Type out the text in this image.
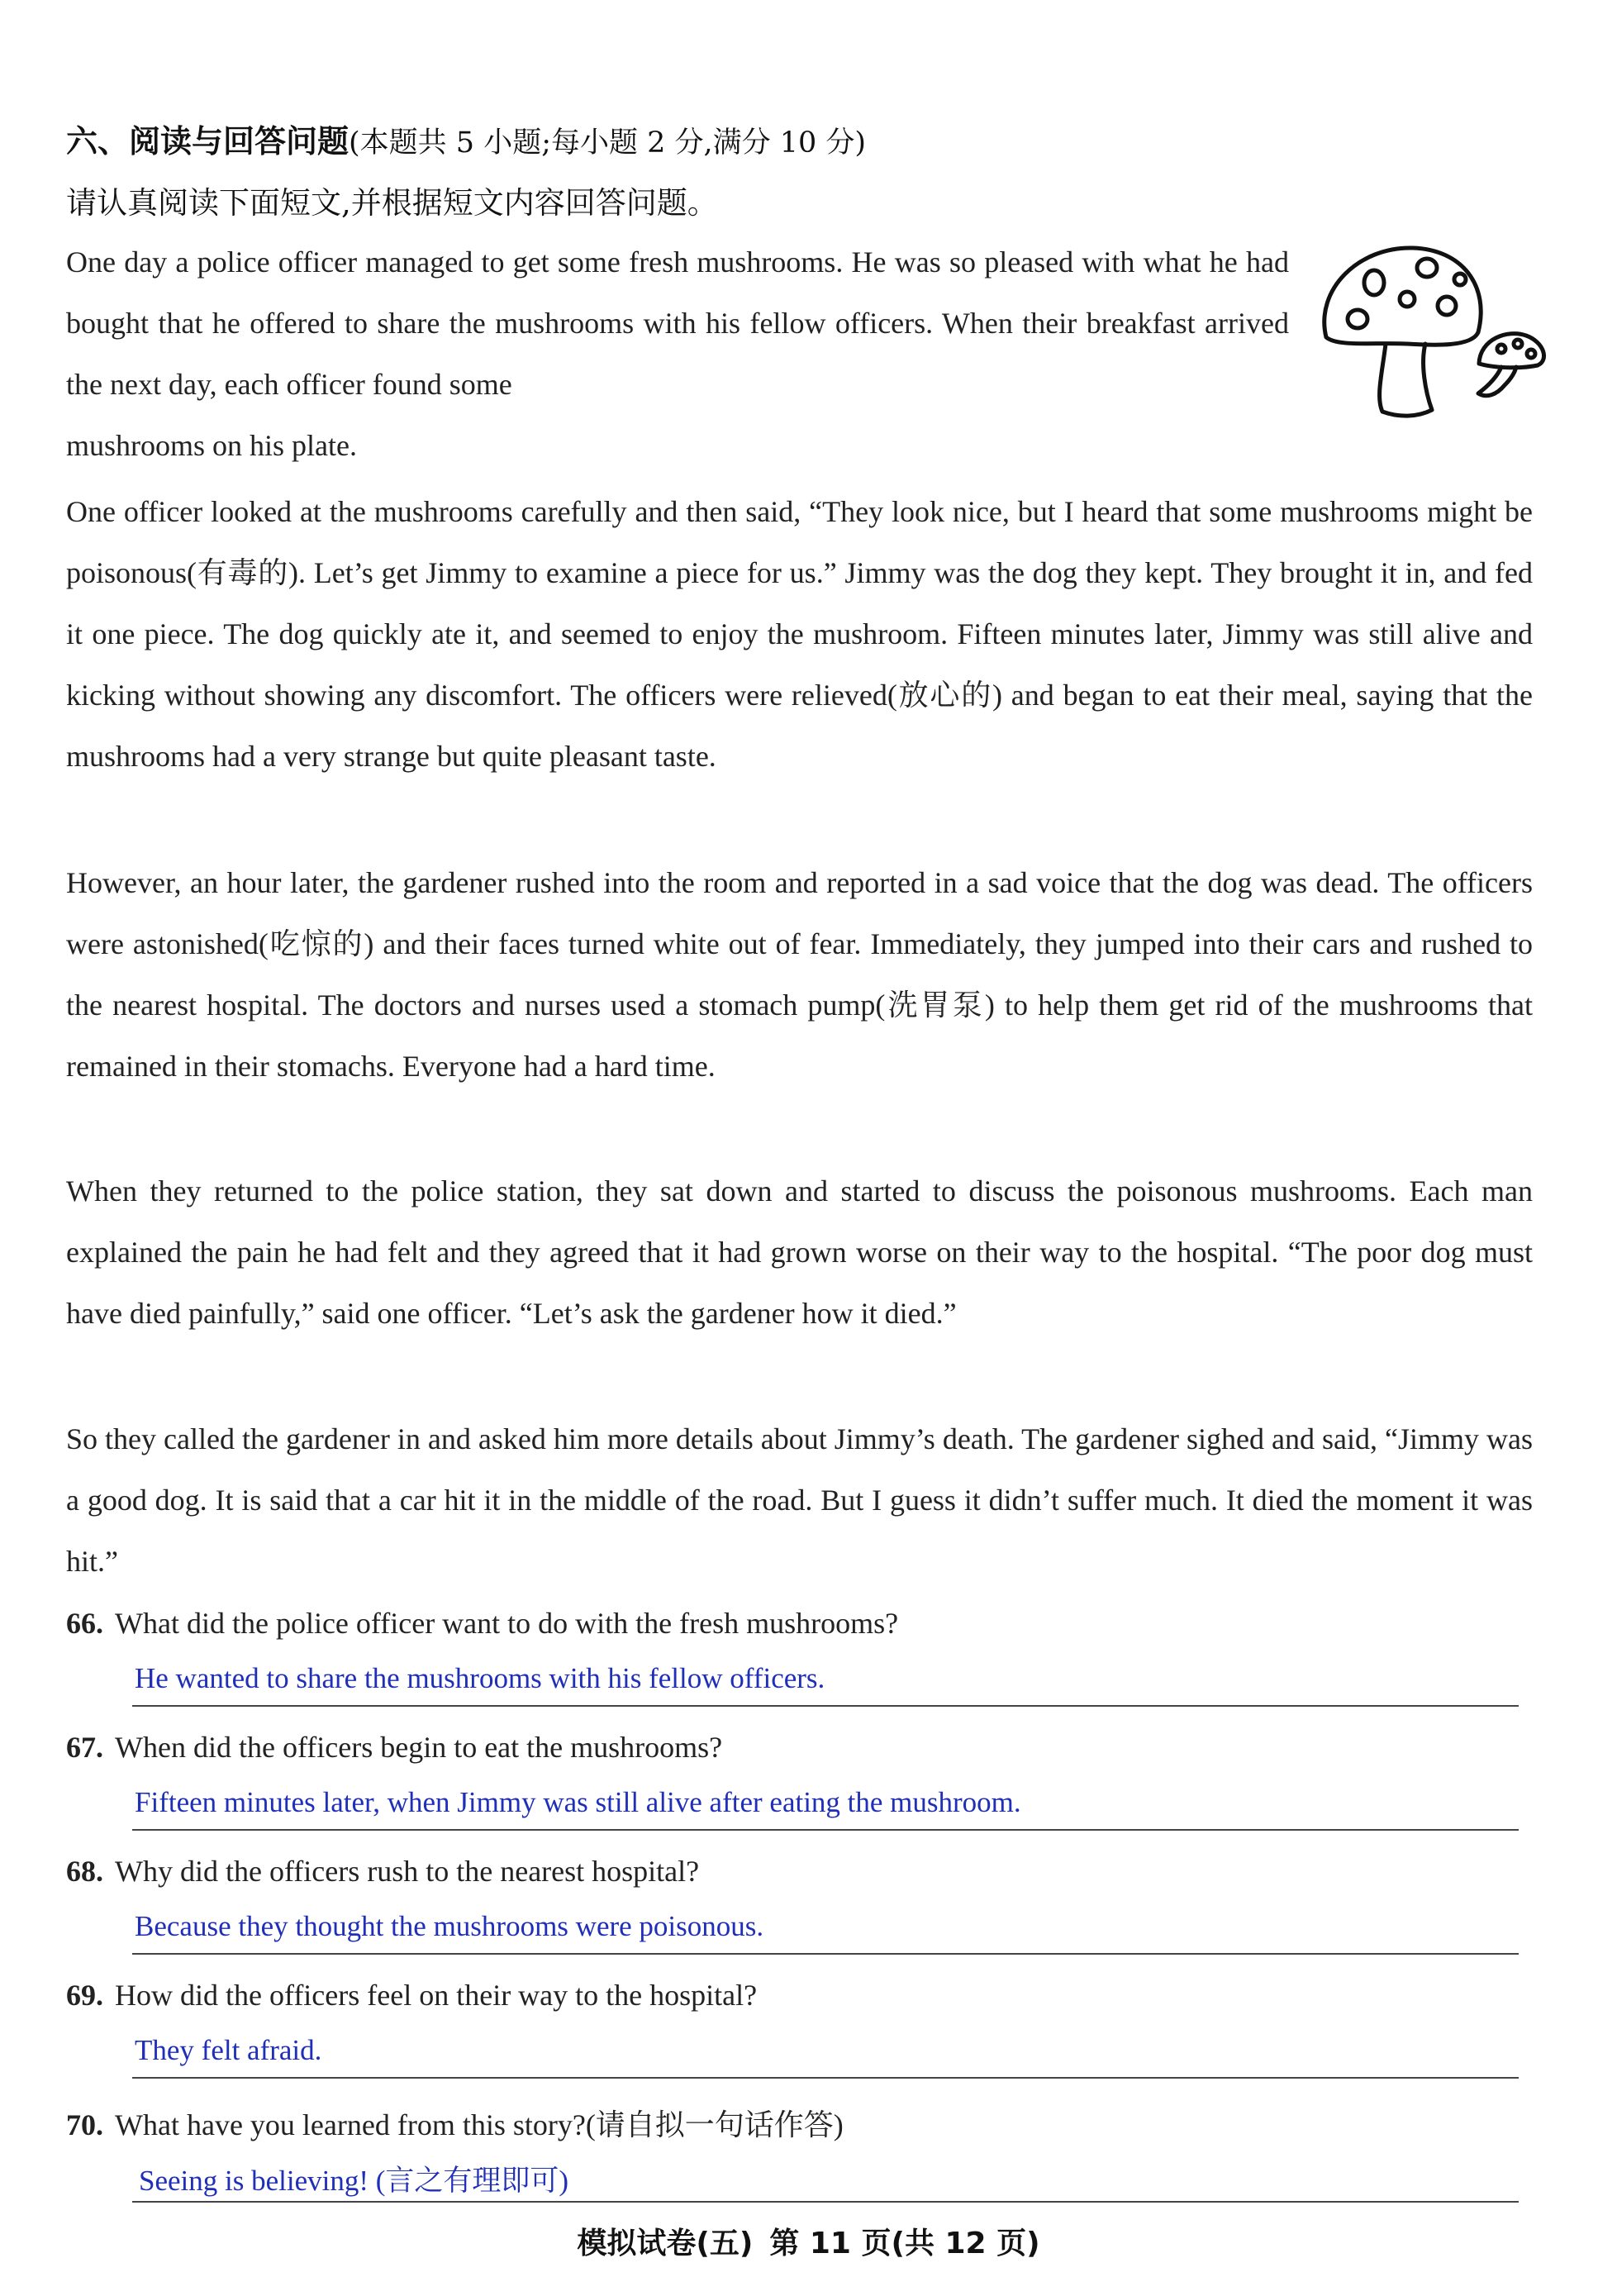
六、阅读与回答问题(本题共 5 小题;每小题 2 分,满分 10 分)
请认真阅读下面短文,并根据短文内容回答问题。

One day a police officer managed to get some fresh mushrooms. He was so pleased with what he had bought that he offered to share the mushrooms with his fellow officers. When their breakfast arrived the next day, each officer found some
mushrooms on his plate.

One officer looked at the mushrooms carefully and then said, “They look nice, but I heard that some mushrooms might be poisonous(有毒的). Let’s get Jimmy to examine a piece for us.” Jimmy was the dog they kept. They brought it in, and fed it one piece. The dog quickly ate it, and seemed to enjoy the mushroom. Fifteen minutes later, Jimmy was still alive and kicking without showing any discomfort. The officers were relieved(放心的) and began to eat their meal, saying that the mushrooms had a very strange but quite pleasant taste.

However, an hour later, the gardener rushed into the room and reported in a sad voice that the dog was dead. The officers were astonished(吃惊的) and their faces turned white out of fear. Immediately, they jumped into their cars and rushed to the nearest hospital. The doctors and nurses used a stomach pump(洗胃泵) to help them get rid of the mushrooms that remained in their stomachs. Everyone had a hard time.

When they returned to the police station, they sat down and started to discuss the poisonous mushrooms. Each man explained the pain he had felt and they agreed that it had grown worse on their way to the hospital. “The poor dog must have died painfully,” said one officer. “Let’s ask the gardener how it died.”

So they called the gardener in and asked him more details about Jimmy’s death. The gardener sighed and said, “Jimmy was a good dog. It is said that a car hit it in the middle of the road. But I guess it didn’t suffer much. It died the moment it was hit.”

66. What did the police officer want to do with the fresh mushrooms?
He wanted to share the mushrooms with his fellow officers.
67. When did the officers begin to eat the mushrooms?
Fifteen minutes later, when Jimmy was still alive after eating the mushroom.
68. Why did the officers rush to the nearest hospital?
Because they thought the mushrooms were poisonous.
69. How did the officers feel on their way to the hospital?
They felt afraid.
70. What have you learned from this story?(请自拟一句话作答)
Seeing is believing! (言之有理即可)
模拟试卷(五) 第 11 页(共 12 页)
